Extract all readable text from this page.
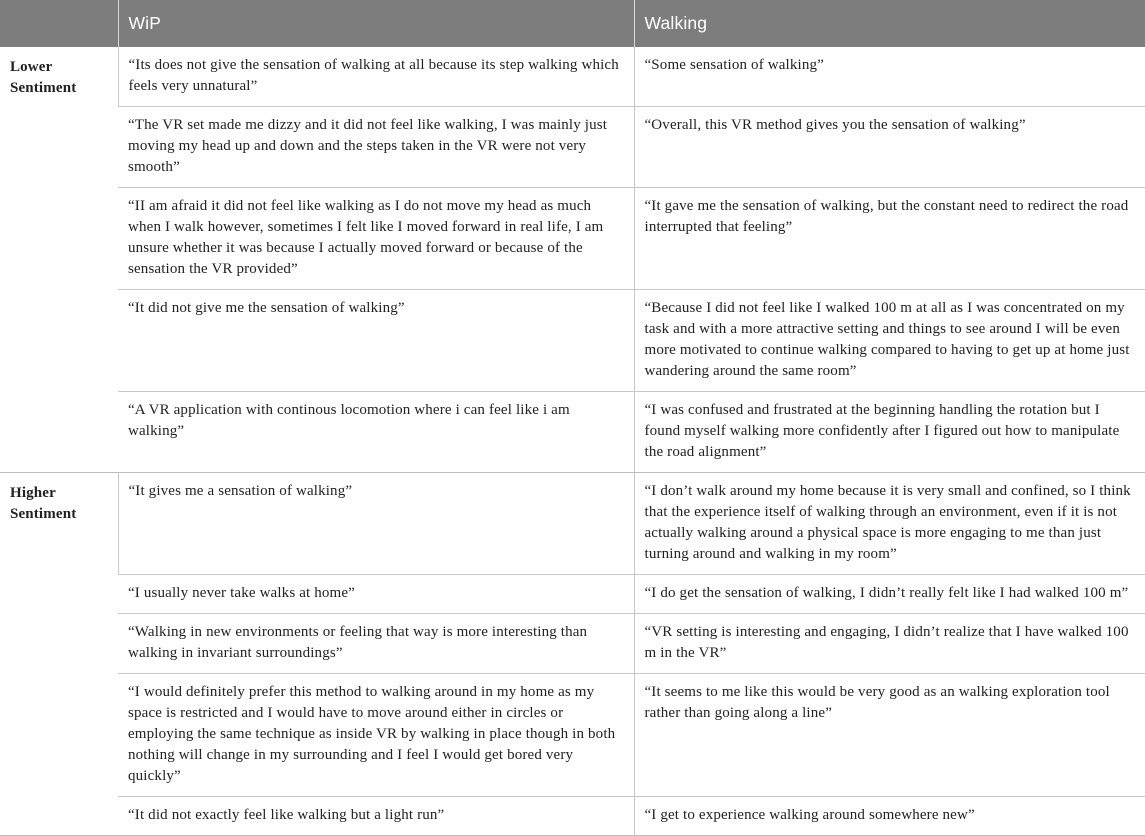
	WiP	Walking
Lower Sentiment	“Its does not give the sensation of walking at all because its step walking which feels very unnatural”	“Some sensation of walking”
	“The VR set made me dizzy and it did not feel like walking, I was mainly just moving my head up and down and the steps taken in the VR were not very smooth”	“Overall, this VR method gives you the sensation of walking”
	“II am afraid it did not feel like walking as I do not move my head as much when I walk however, sometimes I felt like I moved forward in real life, I am unsure whether it was because I actually moved forward or because of the sensation the VR provided”	“It gave me the sensation of walking, but the constant need to redirect the road interrupted that feeling”
	“It did not give me the sensation of walking”	“Because I did not feel like I walked 100 m at all as I was concentrated on my task and with a more attractive setting and things to see around I will be even more motivated to continue walking compared to having to get up at home just wandering around the same room”
	“A VR application with continous locomotion where i can feel like i am walking”	“I was confused and frustrated at the beginning handling the rotation but I found myself walking more confidently after I figured out how to manipulate the road alignment”
Higher Sentiment	“It gives me a sensation of walking”	“I don’t walk around my home because it is very small and confined, so I think that the experience itself of walking through an environment, even if it is not actually walking around a physical space is more engaging to me than just turning around and walking in my room”
	“I usually never take walks at home”	“I do get the sensation of walking, I didn’t really felt like I had walked 100 m”
	“Walking in new environments or feeling that way is more interesting than walking in invariant surroundings”	“VR setting is interesting and engaging, I didn’t realize that I have walked 100 m in the VR”
	“I would definitely prefer this method to walking around in my home as my space is restricted and I would have to move around either in circles or employing the same technique as inside VR by walking in place though in both nothing will change in my surrounding and I feel I would get bored very quickly”	“It seems to me like this would be very good as an walking exploration tool rather than going along a line”
	“It did not exactly feel like walking but a light run”	“I get to experience walking around somewhere new”
